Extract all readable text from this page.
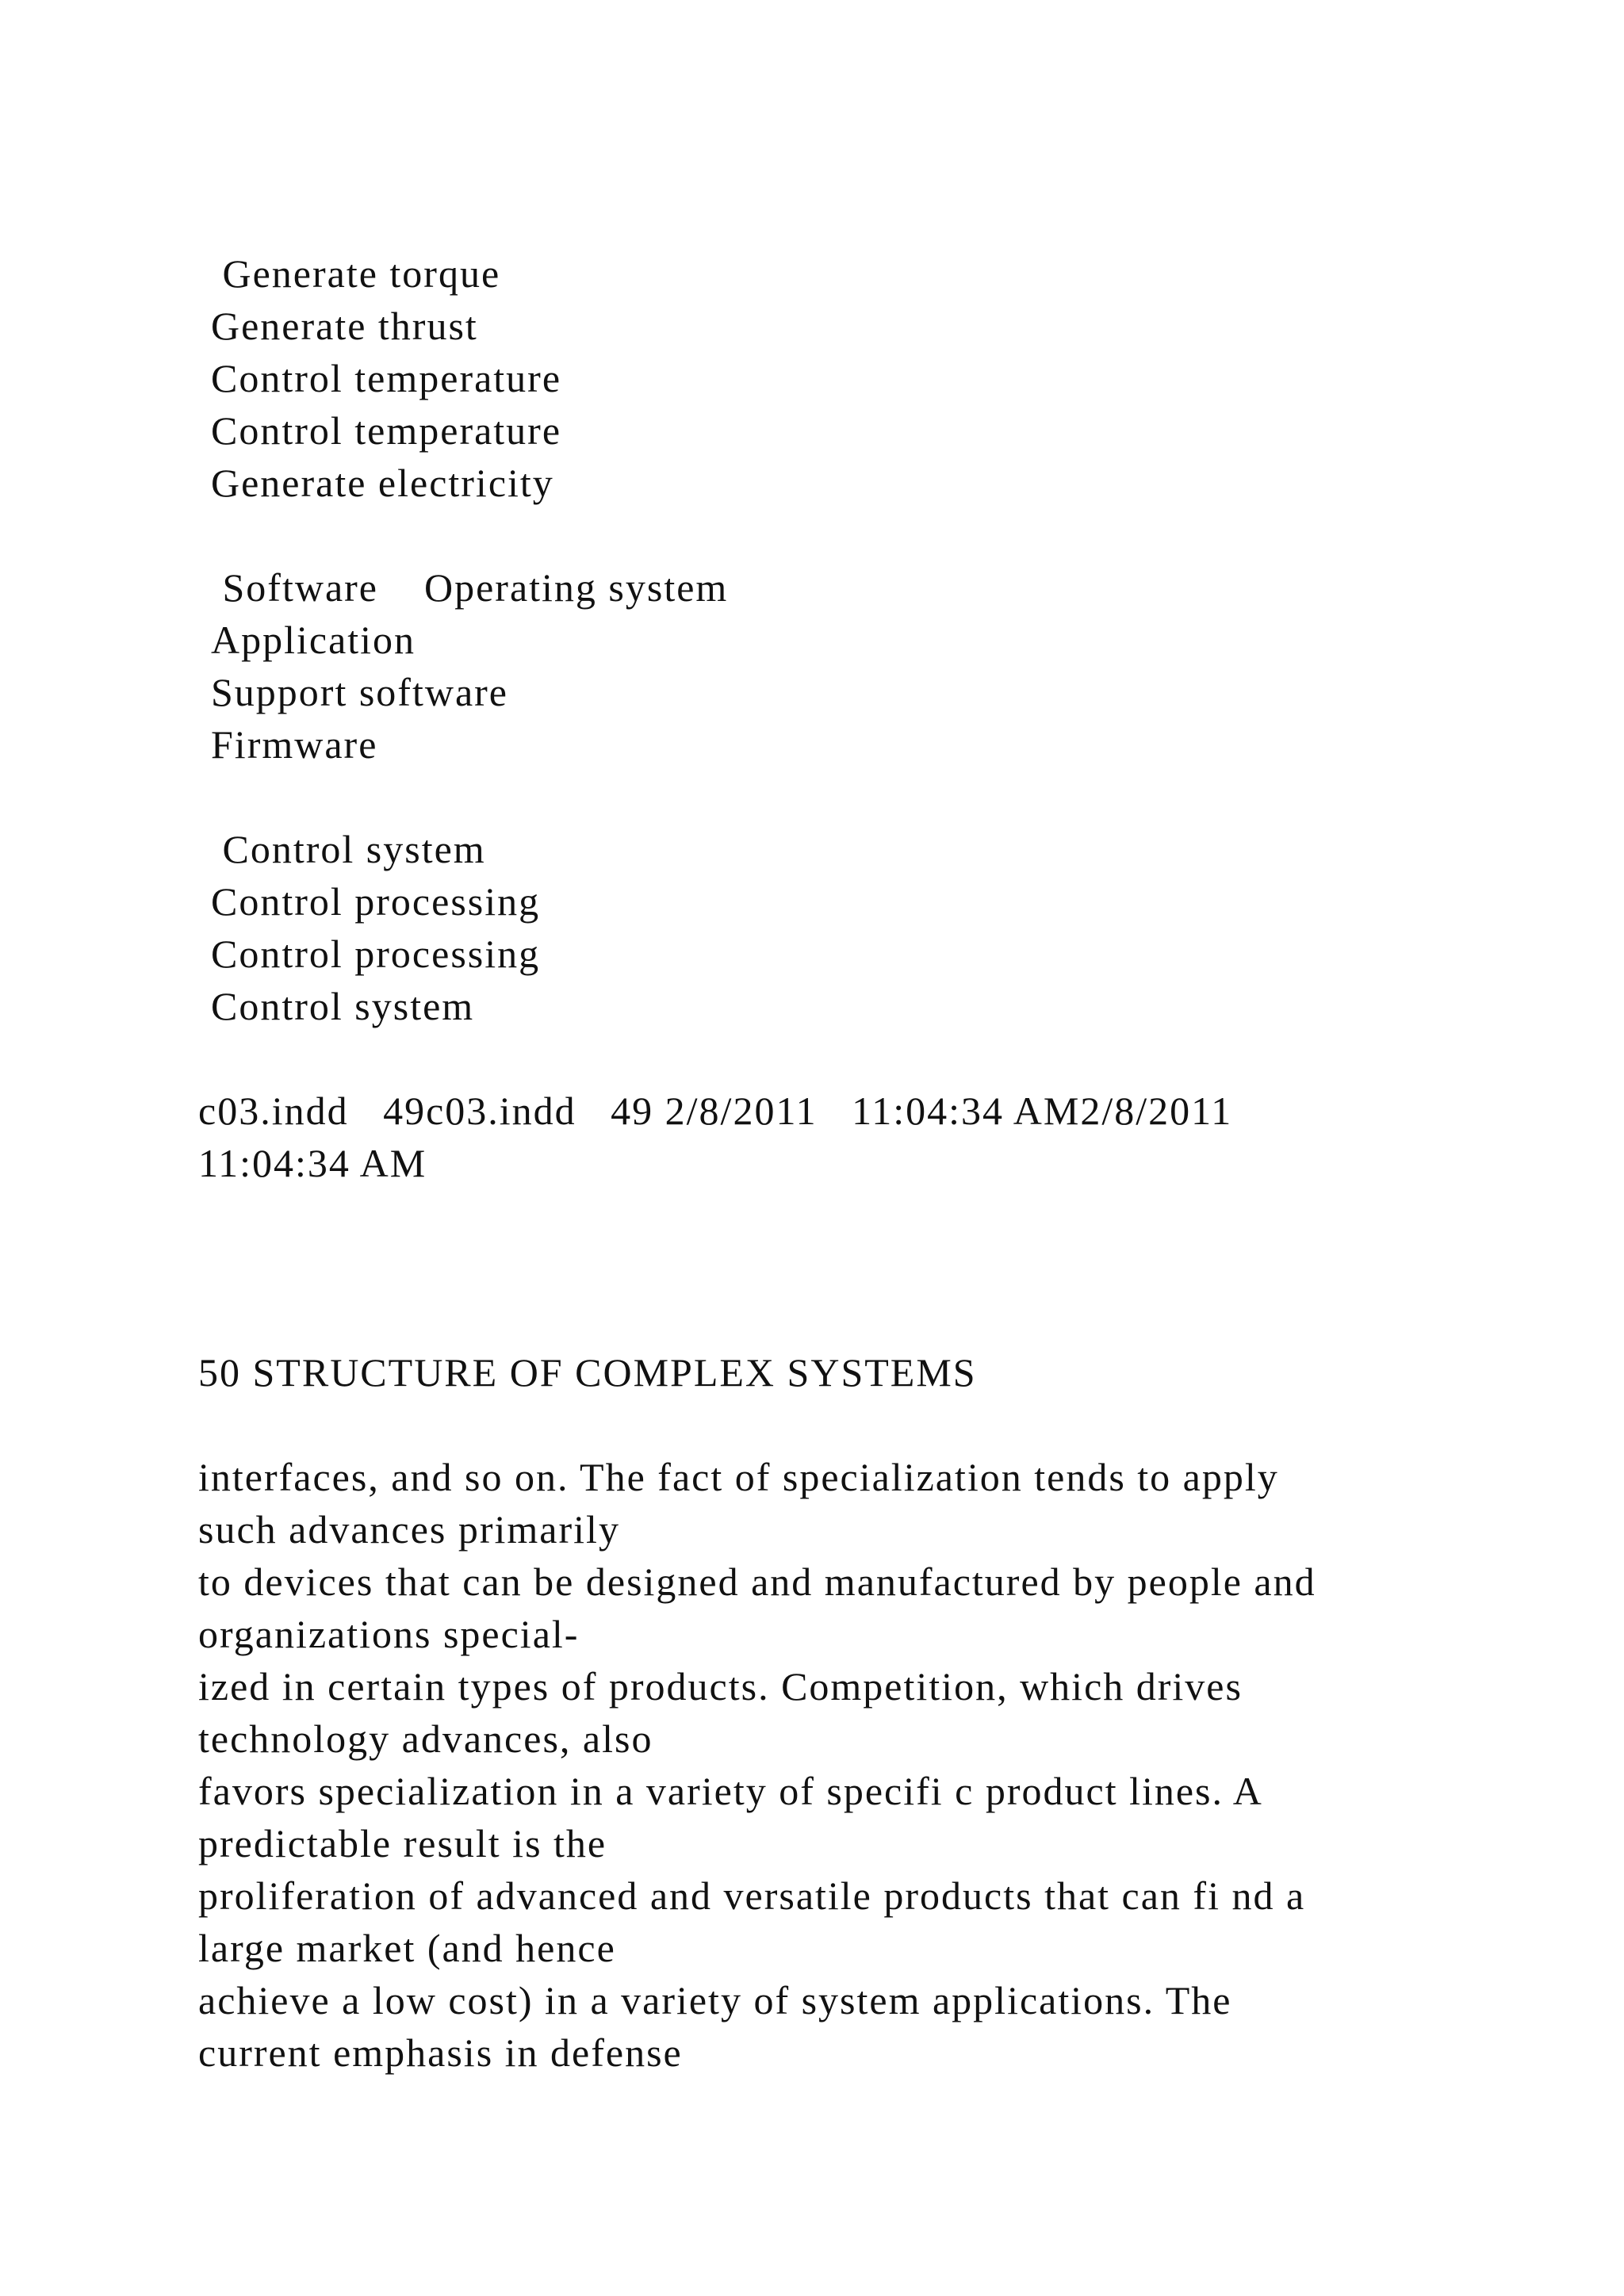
Generate torque
Generate thrust
Control temperature
Control temperature
Generate electricity
Software    Operating system
Application
Support software
Firmware
Control system
Control processing
Control processing
Control system
c03.indd   49c03.indd   49 2/8/2011   11:04:34 AM2/8/2011
11:04:34 AM
50 STRUCTURE OF COMPLEX SYSTEMS
interfaces, and so on. The fact of specialization tends to apply
such advances primarily
to devices that can be designed and manufactured by people and
organizations special-
ized in certain types of products. Competition, which drives
technology advances, also
favors specialization in a variety of specifi c product lines. A
predictable result is the
proliferation of advanced and versatile products that can fi nd a
large market (and hence
achieve a low cost) in a variety of system applications. The
current emphasis in defense
